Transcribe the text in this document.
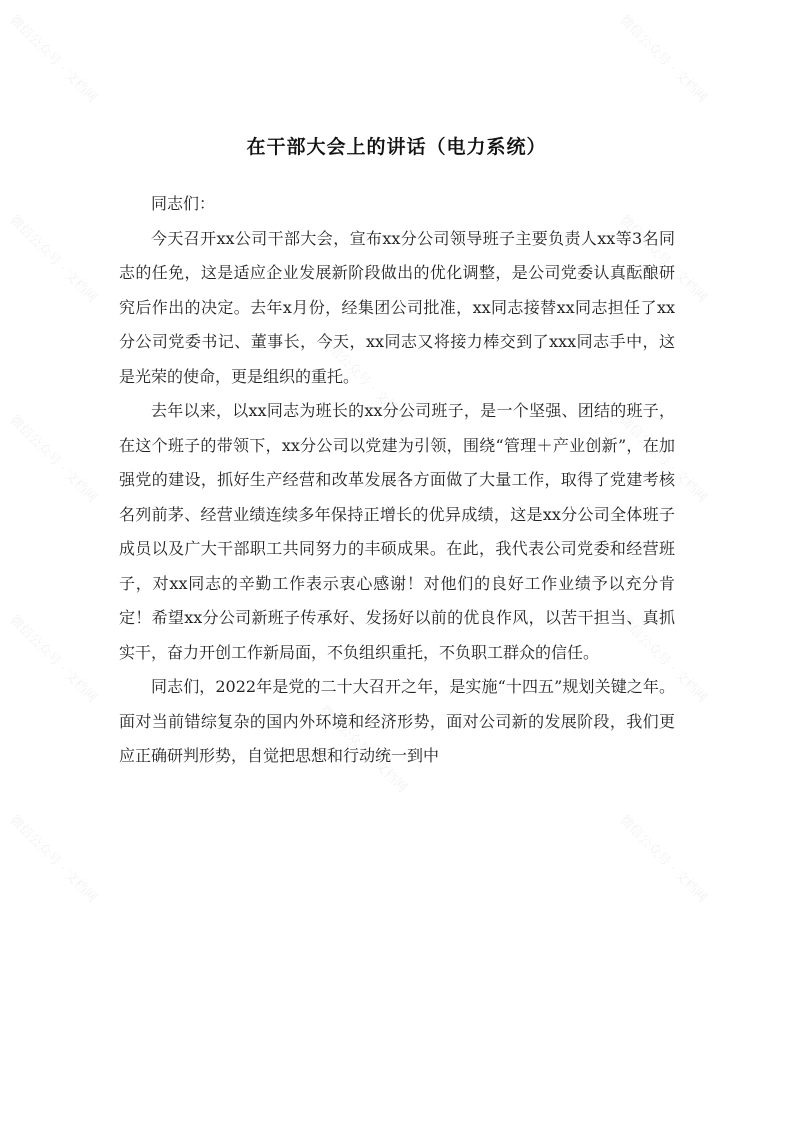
微信公众号 · 文档网	微信公众号 · 文档网
微信公众号 · 文档网	微信公众号 · 文档网
微信公众号 · 文档网	微信公众号 · 文档网
微信公众号 · 文档网	微信公众号 · 文档网
微信公众号 · 文档网	微信公众号 · 文档网
微信公众号 · 文档网
微信公众号 · 文档网
在干部大会上的讲话（电力系统）

同志们：

今天召开xx公司干部大会，宣布xx分公司领导班子主要负责人xx等3名同志的任免，这是适应企业发展新阶段做出的优化调整，是公司党委认真酝酿研究后作出的决定。去年x月份，经集团公司批准，xx同志接替xx同志担任了xx分公司党委书记、董事长，今天，xx同志又将接力棒交到了xxx同志手中，这是光荣的使命，更是组织的重托。

去年以来，以xx同志为班长的xx分公司班子，是一个坚强、团结的班子，在这个班子的带领下，xx分公司以党建为引领，围绕“管理＋产业创新”，在加强党的建设，抓好生产经营和改革发展各方面做了大量工作，取得了党建考核名列前茅、经营业绩连续多年保持正增长的优异成绩，这是xx分公司全体班子成员以及广大干部职工共同努力的丰硕成果。在此，我代表公司党委和经营班子，对xx同志的辛勤工作表示衷心感谢！对他们的良好工作业绩予以充分肯定！希望xx分公司新班子传承好、发扬好以前的优良作风，以苦干担当、真抓实干，奋力开创工作新局面，不负组织重托，不负职工群众的信任。

同志们，2022年是党的二十大召开之年，是实施“十四五”规划关键之年。面对当前错综复杂的国内外环境和经济形势，面对公司新的发展阶段，我们更应正确研判形势，自觉把思想和行动统一到中
